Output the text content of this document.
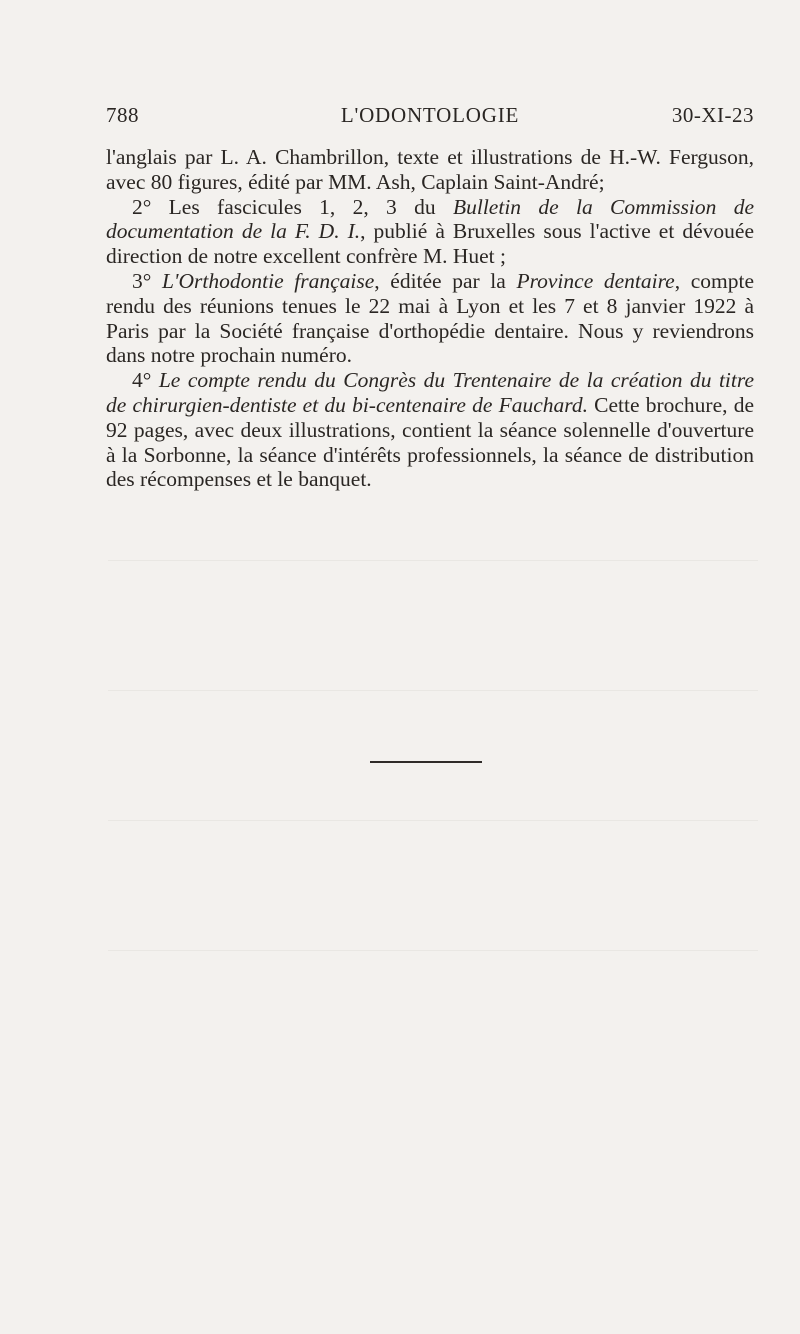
788	L'ODONTOLOGIE	30-XI-23

l'anglais par L. A. Chambrillon, texte et illustrations de H.-W. Ferguson, avec 80 figures, édité par MM. Ash, Caplain Saint-André;

2° Les fascicules 1, 2, 3 du Bulletin de la Commission de documentation de la F. D. I., publié à Bruxelles sous l'active et dévouée direction de notre excellent confrère M. Huet ;

3° L'Orthodontie française, éditée par la Province dentaire, compte rendu des réunions tenues le 22 mai à Lyon et les 7 et 8 janvier 1922 à Paris par la Société française d'orthopédie dentaire. Nous y reviendrons dans notre prochain numéro.

4° Le compte rendu du Congrès du Trentenaire de la création du titre de chirurgien-dentiste et du bi-centenaire de Fauchard. Cette brochure, de 92 pages, avec deux illustrations, contient la séance solennelle d'ouverture à la Sorbonne, la séance d'intérêts professionnels, la séance de distribution des récompenses et le banquet.
